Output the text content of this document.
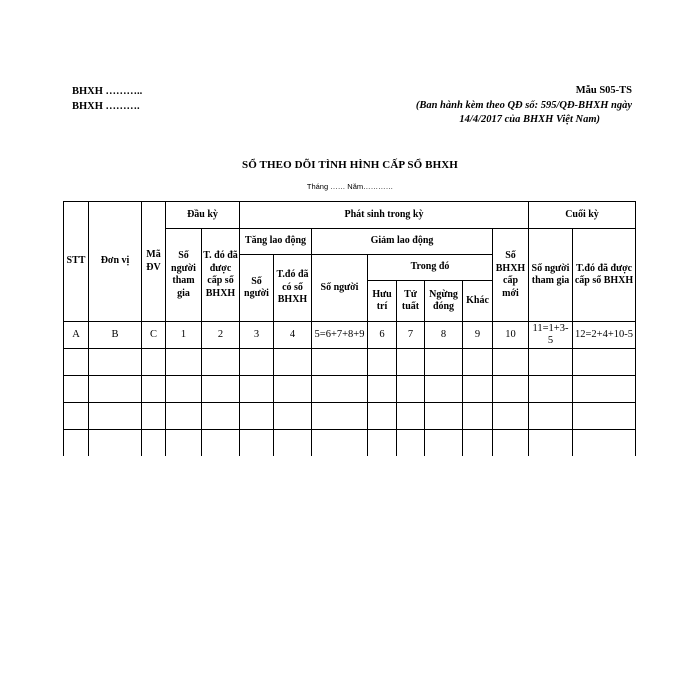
BHXH ………..
BHXH ……….
Mẫu S05-TS
(Ban hành kèm theo QĐ số: 595/QĐ-BHXH ngày
14/4/2017 của BHXH Việt Nam)
SỔ THEO DÕI TÌNH HÌNH CẤP SỔ BHXH
Tháng …… Năm…………
STT	Đơn vị	Mã ĐV	Đầu kỳ		Phát sinh trong kỳ								Cuối kỳ	
			Số người tham gia	T. đó đã được cấp sổ BHXH	Tăng lao động		Giảm lao động					Số BHXH cấp mới	Số người tham gia	T.đó đã được cấp sổ BHXH
					Số người	T.đó đã có sổ BHXH	Số người	Trong đó						
								Hưu trí	Tử tuất	Ngừng đóng	Khác			
A	B	C	1	2	3	4	5=6+7+8+9	6	7	8	9	10	11=1+3-5	12=2+4+10-5
